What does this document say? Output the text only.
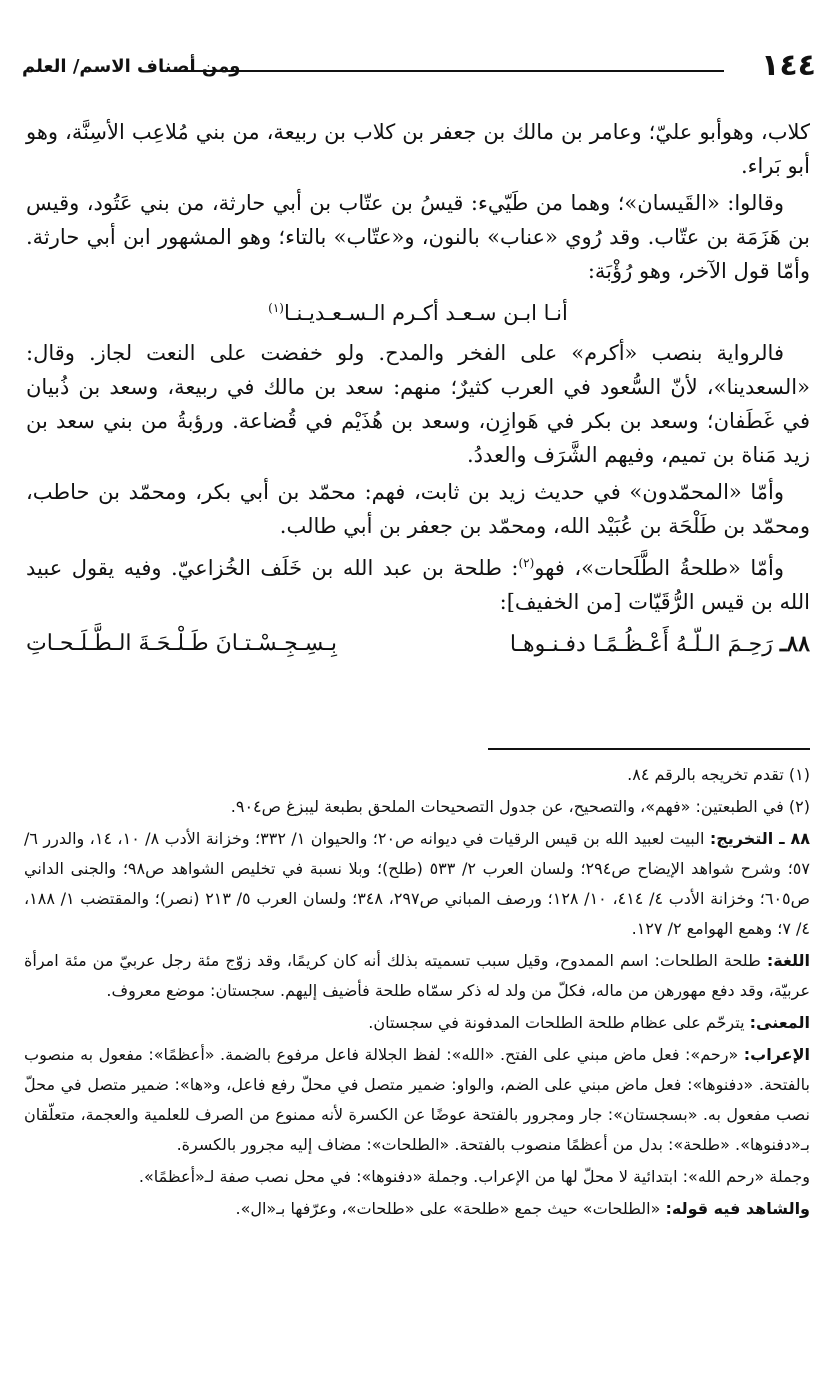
١٤٤
ومن أصناف الاسم/ العلم

كلاب، وهوأبو عليّ؛ وعامر بن مالك بن جعفر بن كلاب بن ربيعة، من بني مُلاعِب الأسِنَّة، وهو أبو بَراء.

وقالوا: «القَيسان»؛ وهما من طَيّيء: قيسُ بن عتّاب بن أبي حارثة، من بني عَتُود، وقيس بن هَزَمَة بن عتّاب. وقد رُوي «عناب» بالنون، و«عتّاب» بالتاء؛ وهو المشهور ابن أبي حارثة. وأمّا قول الآخر، وهو رُؤْبَة:

أنـا ابـن سـعـد أكـرم الـسـعـديـنـا$^{(١)}$

فالرواية بنصب «أكرم» على الفخر والمدح. ولو خفضت على النعت لجاز. وقال: «السعدينا»، لأنّ السُّعود في العرب كثيرٌ؛ منهم: سعد بن مالك في ربيعة، وسعد بن ذُبيان في غَطَفان؛ وسعد بن بكر في هَوازِن، وسعد بن هُذَيْم في قُضاعة. ورؤبةُ من بني سعد بن زيد مَناة بن تميم، وفيهم الشَّرَف والعددُ.

وأمّا «المحمّدون» في حديث زيد بن ثابت، فهم: محمّد بن أبي بكر، ومحمّد بن حاطب، ومحمّد بن طَلْحَة بن عُبَيْد الله، ومحمّد بن جعفر بن أبي طالب.

وأمّا «طلحةُ الطَّلَحات»، فهو$^{(٢)}$: طلحة بن عبد الله بن خَلَف الخُزاعيّ. وفيه يقول عبيد الله بن قيس الرُّقَيّات [من الخفيف]:

٨٨ـ رَحِـمَ الـلّـهُ أَعْـظُـمًـا دفـنـوهـا
بِـسِـجِـسْـتـانَ طَـلْـحَـةَ الـطَّـلَـحـاتِ

(١) تقدم تخريجه بالرقم ٨٤.

(٢) في الطبعتين: «فهم»، والتصحيح، عن جدول التصحيحات الملحق بطبعة ليبزغ ص٩٠٤.

٨٨ ـ التخريج: البيت لعبيد الله بن قيس الرقيات في ديوانه ص٢٠؛ والحيوان ١/ ٣٣٢؛ وخزانة الأدب ٨/ ١٠، ١٤، والدرر ٦/ ٥٧؛ وشرح شواهد الإيضاح ص٢٩٤؛ ولسان العرب ٢/ ٥٣٣ (طلح)؛ وبلا نسبة في تخليص الشواهد ص٩٨؛ والجنى الداني ص٦٠٥؛ وخزانة الأدب ٤/ ٤١٤، ١٠/ ١٢٨؛ ورصف المباني ص٢٩٧، ٣٤٨؛ ولسان العرب ٥/ ٢١٣ (نصر)؛ والمقتضب ١/ ١٨٨، ٤/ ٧؛ وهمع الهوامع ٢/ ١٢٧.

اللغة: طلحة الطلحات: اسم الممدوح، وقيل سبب تسميته بذلك أنه كان كريمًا، وقد زوّج مئة رجل عربيّ من مئة امرأة عربيّة، وقد دفع مهورهن من ماله، فكلّ من ولد له ذكر سمّاه طلحة فأضيف إليهم. سجستان: موضع معروف.

المعنى: يترحّم على عظام طلحة الطلحات المدفونة في سجستان.

الإعراب: «رحم»: فعل ماض مبني على الفتح. «الله»: لفظ الجلالة فاعل مرفوع بالضمة. «أعظمًا»: مفعول به منصوب بالفتحة. «دفنوها»: فعل ماض مبني على الضم، والواو: ضمير متصل في محلّ رفع فاعل، و«ها»: ضمير متصل في محلّ نصب مفعول به. «بسجستان»: جار ومجرور بالفتحة عوضًا عن الكسرة لأنه ممنوع من الصرف للعلمية والعجمة، متعلّقان بـ«دفنوها». «طلحة»: بدل من أعظمًا منصوب بالفتحة. «الطلحات»: مضاف إليه مجرور بالكسرة.

وجملة «رحم الله»: ابتدائية لا محلّ لها من الإعراب. وجملة «دفنوها»: في محل نصب صفة لـ«أعظمًا».

والشاهد فيه قوله: «الطلحات» حيث جمع «طلحة» على «طلحات»، وعرّفها بـ«ال».
